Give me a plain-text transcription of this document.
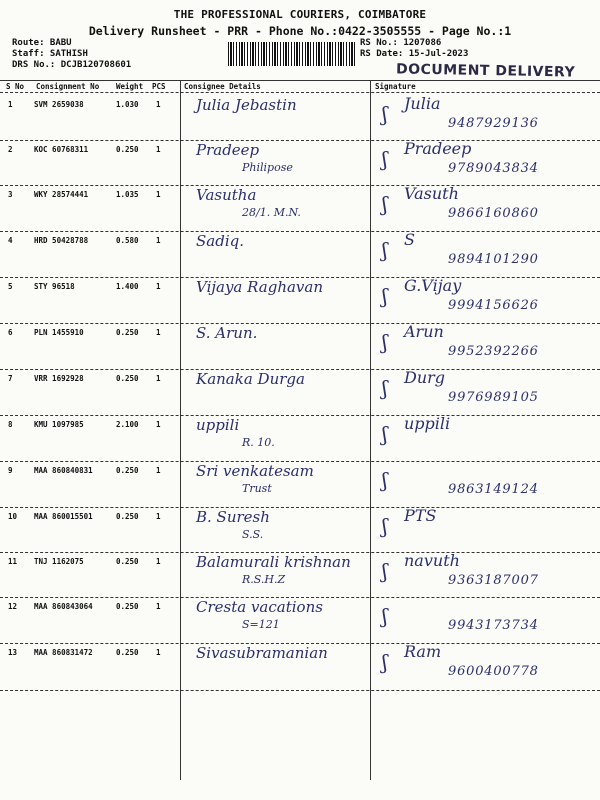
THE PROFESSIONAL COURIERS, COIMBATORE
Delivery Runsheet - PRR - Phone No.:0422-3505555 - Page No.:1
Route: BABU
Staff: SATHISH
DRS No.: DCJB120708601
RS No.: 1207086
RS Date: 15-Jul-2023
DOCUMENT DELIVERY
S No Consignment No Weight PCS Consignee Details	Signature
1	SVM 2659038	1.030 1 Julia Jebastin	ʃ Julia
9487929136
2	KOC 60768311	0.250 1 Pradeep
Philipose	ʃ Pradeep
9789043834
3	WKY 28574441	1.035 1 Vasutha
28/1. M.N.	ʃ Vasuth
9866160860
4	HRD 50428788	0.580 1 Sadiq.	ʃ S
9894101290
5	STY 96518	1.400 1 Vijaya Raghavan	ʃ G.Vijay
9994156626
6	PLN 1455910	0.250 1 S. Arun.	ʃ Arun
9952392266
7	VRR 1692928	0.250 1 Kanaka Durga	ʃ Durg
9976989105
8	KMU 1097985	2.100 1 uppili
R. 10.	ʃ uppili
9	MAA 860840831	0.250 1 Sri venkatesam
Trust	ʃ	9863149124
10 MAA 860015501	0.250 1 B. Suresh
S.S.	ʃ PTS
11 TNJ 1162075	0.250 1 Balamurali krishnan
R.S.H.Z	ʃ navuth
9363187007
12 MAA 860843064	0.250 1 Cresta vacations
S=121	ʃ	9943173734
13 MAA 860831472	0.250 1 Sivasubramanian	ʃ Ram
9600400778
